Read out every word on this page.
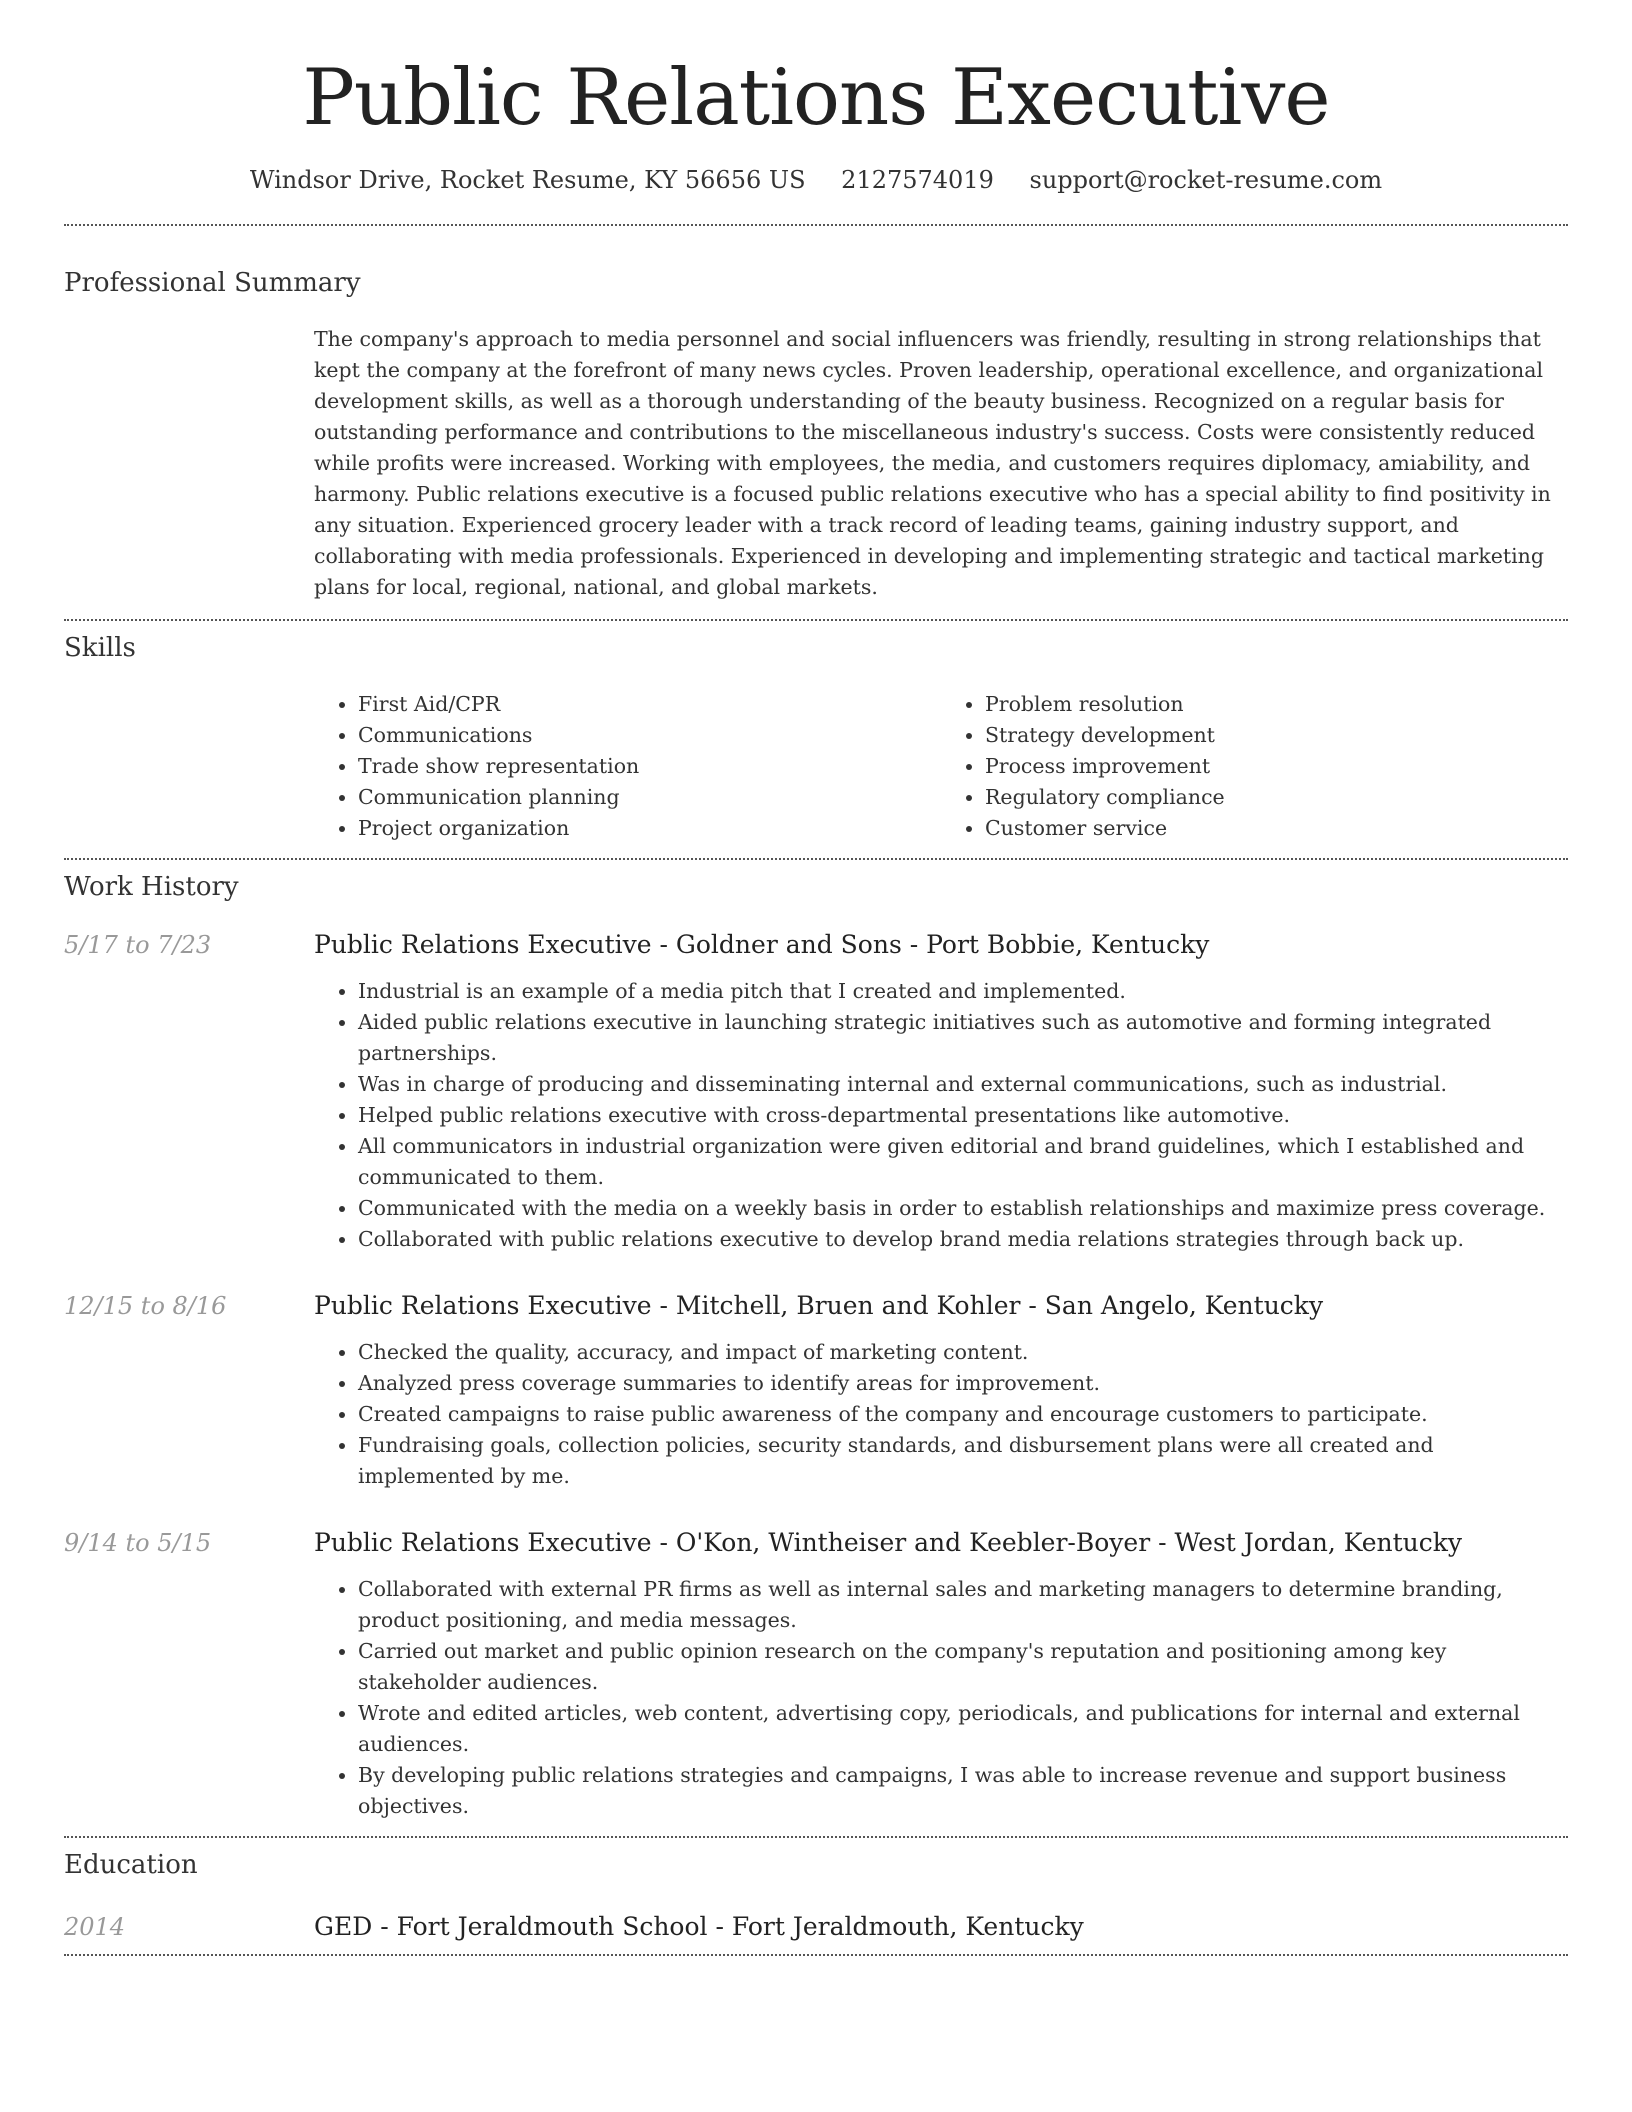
Public Relations Executive
Windsor Drive, Rocket Resume, KY 56656 US 2127574019 support@rocket-resume.com
Professional Summary
The company's approach to media personnel and social influencers was friendly, resulting in strong relationships that kept the company at the forefront of many news cycles. Proven leadership, operational excellence, and organizational development skills, as well as a thorough understanding of the beauty business. Recognized on a regular basis for outstanding performance and contributions to the miscellaneous industry's success. Costs were consistently reduced while profits were increased. Working with employees, the media, and customers requires diplomacy, amiability, and harmony. Public relations executive is a focused public relations executive who has a special ability to find positivity in any situation. Experienced grocery leader with a track record of leading teams, gaining industry support, and collaborating with media professionals. Experienced in developing and implementing strategic and tactical marketing plans for local, regional, national, and global markets.
Skills
• First Aid/CPR
• Communications
• Trade show representation
• Communication planning
• Project organization
• Problem resolution
• Strategy development
• Process improvement
• Regulatory compliance
• Customer service
Work History
5/17 to 7/23	Public Relations Executive - Goldner and Sons - Port Bobbie, Kentucky
• Industrial is an example of a media pitch that I created and implemented.
• Aided public relations executive in launching strategic initiatives such as automotive and forming integrated partnerships.
• Was in charge of producing and disseminating internal and external communications, such as industrial.
• Helped public relations executive with cross-departmental presentations like automotive.
• All communicators in industrial organization were given editorial and brand guidelines, which I established and communicated to them.
• Communicated with the media on a weekly basis in order to establish relationships and maximize press coverage.
• Collaborated with public relations executive to develop brand media relations strategies through back up.
12/15 to 8/16	Public Relations Executive - Mitchell, Bruen and Kohler - San Angelo, Kentucky
• Checked the quality, accuracy, and impact of marketing content.
• Analyzed press coverage summaries to identify areas for improvement.
• Created campaigns to raise public awareness of the company and encourage customers to participate.
• Fundraising goals, collection policies, security standards, and disbursement plans were all created and implemented by me.
9/14 to 5/15	Public Relations Executive - O'Kon, Wintheiser and Keebler-Boyer - West Jordan, Kentucky
• Collaborated with external PR firms as well as internal sales and marketing managers to determine branding, product positioning, and media messages.
• Carried out market and public opinion research on the company's reputation and positioning among key stakeholder audiences.
• Wrote and edited articles, web content, advertising copy, periodicals, and publications for internal and external audiences.
• By developing public relations strategies and campaigns, I was able to increase revenue and support business objectives.
Education
2014	GED - Fort Jeraldmouth School - Fort Jeraldmouth, Kentucky
